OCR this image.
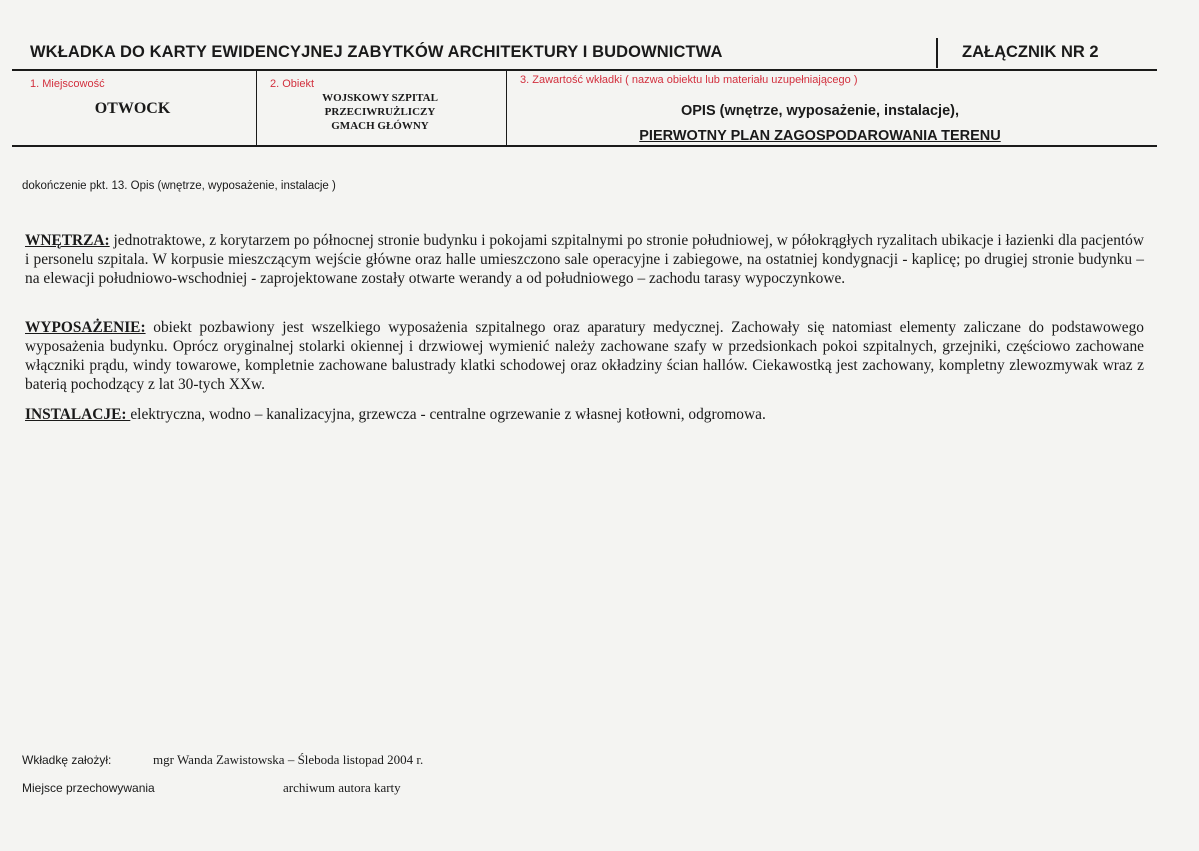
WKŁADKA DO KARTY EWIDENCYJNEJ ZABYTKÓW ARCHITEKTURY I BUDOWNICTWA	ZAŁĄCZNIK NR 2
1. Miejscowość
OTWOCK
2. Obiekt
WOJSKOWY SZPITAL
PRZECIWRUŻLICZY
GMACH GŁÓWNY
3. Zawartość wkładki ( nazwa obiektu lub materiału uzupełniającego )
OPIS (wnętrze, wyposażenie, instalacje),
PIERWOTNY PLAN ZAGOSPODAROWANIA TERENU
dokończenie pkt. 13. Opis (wnętrze, wyposażenie, instalacje )
WNĘTRZA: jednotraktowe, z korytarzem po północnej stronie budynku i pokojami szpitalnymi po stronie południowej, w półokrągłych ryzalitach ubikacje i łazienki dla pacjentów i personelu szpitala. W korpusie mieszczącym wejście główne oraz halle umieszczono sale operacyjne i zabiegowe, na ostatniej kondygnacji - kaplicę; po drugiej stronie budynku – na elewacji południowo-wschodniej - zaprojektowane zostały otwarte werandy a od południowego – zachodu tarasy wypoczynkowe.
WYPOSAŻENIE: obiekt pozbawiony jest wszelkiego wyposażenia szpitalnego oraz aparatury medycznej. Zachowały się natomiast elementy zaliczane do podstawowego wyposażenia budynku. Oprócz oryginalnej stolarki okiennej i drzwiowej wymienić należy zachowane szafy w przedsionkach pokoi szpitalnych, grzejniki, częściowo zachowane włączniki prądu, windy towarowe, kompletnie zachowane balustrady klatki schodowej oraz okładziny ścian hallów. Ciekawostką jest zachowany, kompletny zlewozmywak wraz z baterią pochodzący z lat 30-tych XXw.
INSTALACJE: elektryczna, wodno – kanalizacyjna, grzewcza - centralne ogrzewanie z własnej kotłowni, odgromowa.
Wkładkę założył:	mgr Wanda Zawistowska – Śleboda listopad 2004 r.
Miejsce przechowywania	archiwum autora karty
